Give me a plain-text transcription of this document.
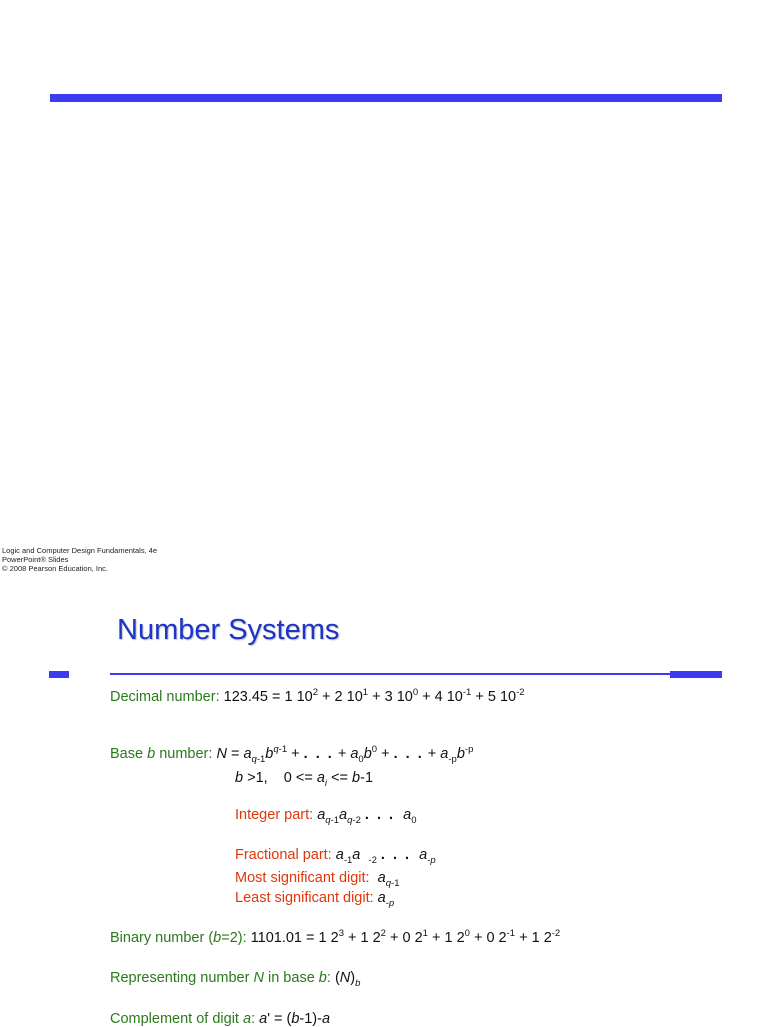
Logic and Computer Design Fundamentals, 4e
PowerPoint® Slides
© 2008 Pearson Education, Inc.
Number Systems
Decimal number: 123.45 = 1 $10^2 + 2$ $10^1 + 3$ $10^0 + 4$ $10^{-1} + 5$ $10^{-2}$
Base b number: $N = a_{q-1}b^{q-1}$ + . . . + $a_0b^0$ + . . . + $a_{-p}b^{-p}$
b >1,    $0 <= a_i <= b-1$
Integer part: $a_{q-1}a_{q-2}$ . . . $a_0$
Fractional part: $a_{-1}a$ $_{-2}$ . . . $a_{-p}$
Most significant digit: $a_{q-1}$
Least significant digit: $a_{-p}$
Binary number (b=2): 1101.01 = 1 $2^3 + 1$ $2^2 + 0$ $2^1 + 1$ $2^0 + 0$ $2^{-1} + 1$ $2^{-2}$
Representing number N in base b: $(N)_b$
Complement of digit a: a' = (b-1)-a
